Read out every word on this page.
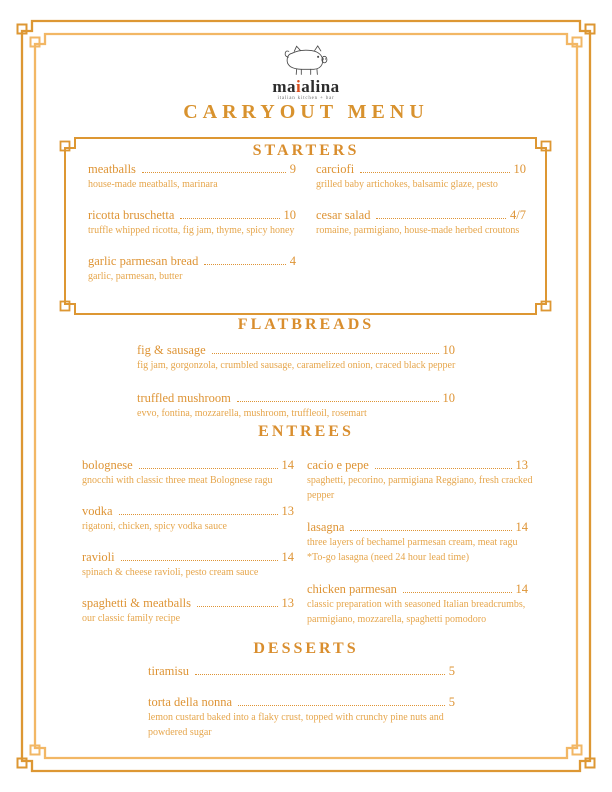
maialina
italian kitchen + bar
CARRYOUT MENU
STARTERS
meatballs	9
house-made meatballs, marinara
ricotta bruschetta	10
truffle whipped ricotta, fig jam, thyme, spicy honey
garlic parmesan bread	4
garlic, parmesan, butter
carciofi	10
grilled baby artichokes, balsamic glaze, pesto
cesar salad	4/7
romaine, parmigiano, house-made herbed croutons
FLATBREADS
fig & sausage	10
fig jam, gorgonzola, crumbled sausage, caramelized onion, craced black pepper
truffled mushroom	10
evvo, fontina, mozzarella, mushroom, truffleoil, rosemart
ENTREES
bolognese	14
gnocchi with classic three meat Bolognese ragu
vodka	13
rigatoni, chicken, spicy vodka sauce
ravioli	14
spinach & cheese ravioli, pesto cream sauce
spaghetti & meatballs	13
our classic family recipe
cacio e pepe	13
spaghetti, pecorino, parmigiana Reggiano, fresh cracked pepper
lasagna	14
three layers of bechamel parmesan cream, meat ragu
*To-go lasagna (need 24 hour lead time)
chicken parmesan	14
classic preparation with seasoned Italian breadcrumbs, parmigiano, mozzarella, spaghetti pomodoro
DESSERTS
tiramisu	5
torta della nonna	5
lemon custard baked into a flaky crust, topped with crunchy pine nuts and powdered sugar
